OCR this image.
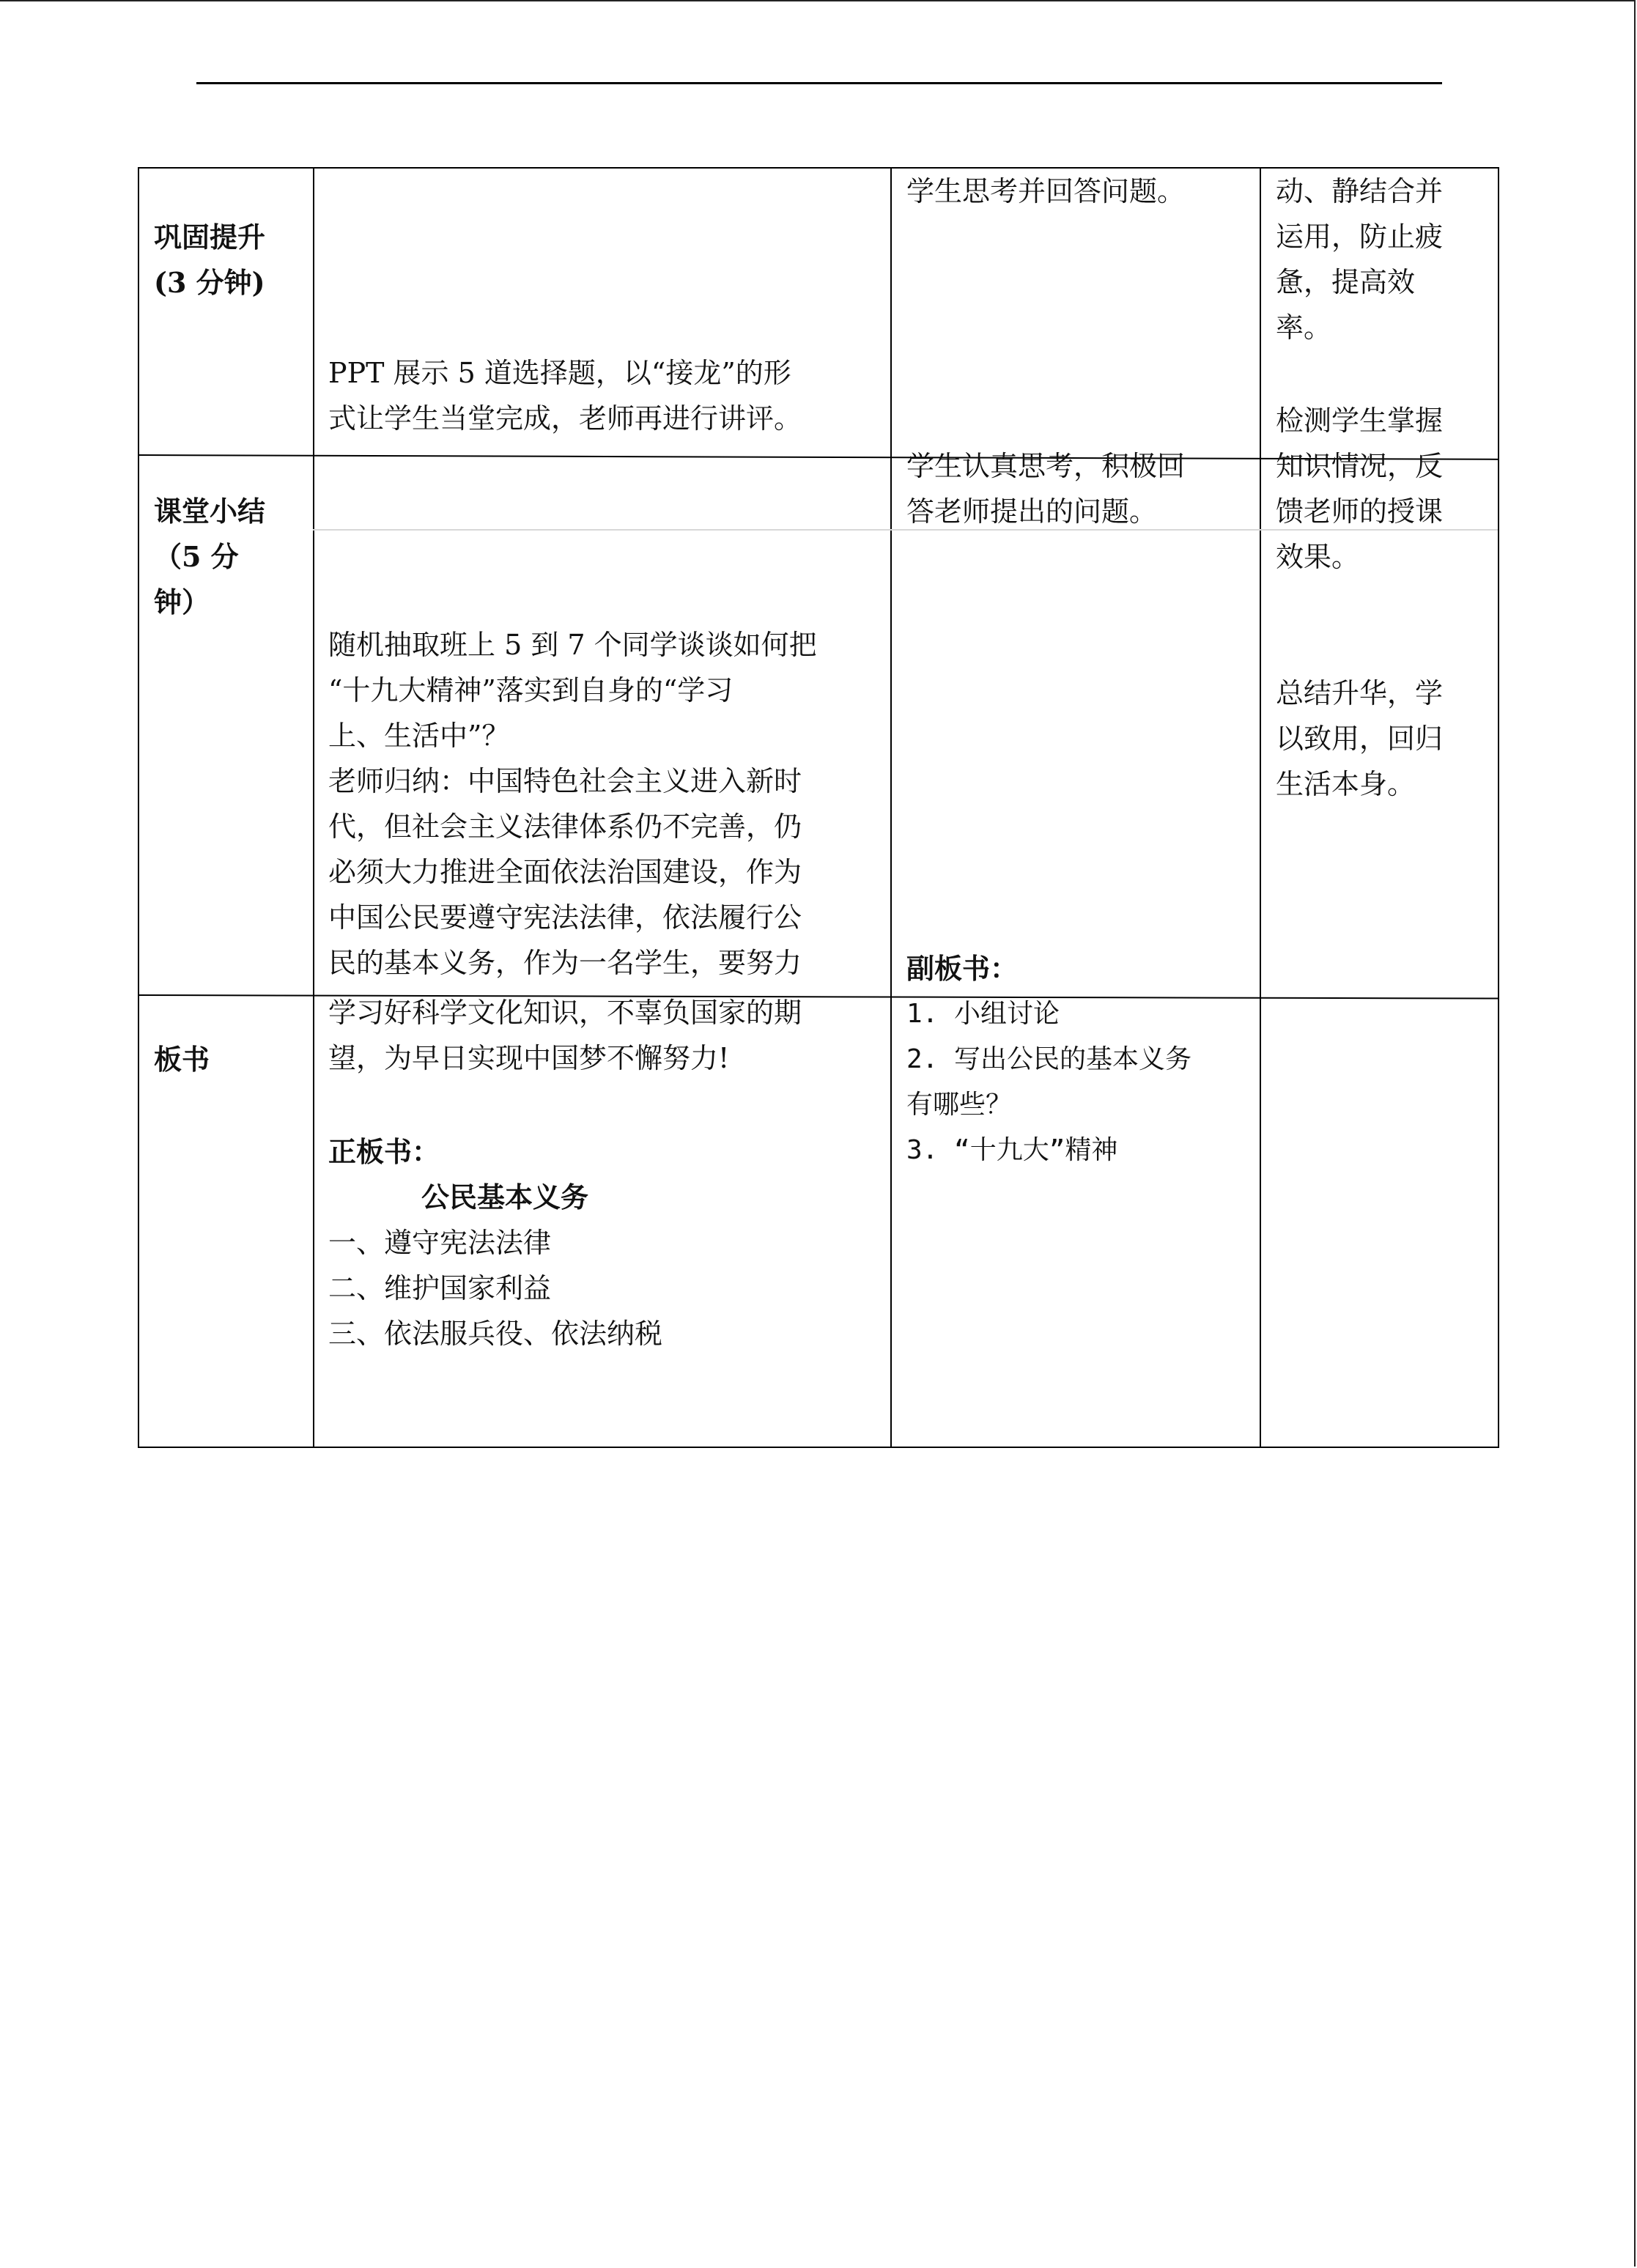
巩固提升

(3 分钟)

PPT 展示 5 道选择题，以“接龙”的形

式让学生当堂完成，老师再进行讲评。

学生思考并回答问题。	动、静结合并

运用，防止疲

惫，提高效

率。

课堂小结

（5 分

钟）

随机抽取班上 5 到 7 个同学谈谈如何把

“十九大精神”落实到自身的“学习

上、生活中”？

老师归纳：中国特色社会主义进入新时

代，但社会主义法律体系仍不完善，仍

必须大力推进全面依法治国建设，作为

中国公民要遵守宪法法律，依法履行公

民的基本义务，作为一名学生，要努力

学习好科学文化知识，不辜负国家的期

望，为早日实现中国梦不懈努力!

学生认真思考，积极回

答老师提出的问题。

检测学生掌握

知识情况，反

馈老师的授课

效果。

总结升华，学

以致用，回归

生活本身。

板书

正板书：

公民基本义务

一、遵守宪法法律

二、维护国家利益

三、依法服兵役、依法纳税

副板书：

1. 小组讨论

2. 写出公民的基本义务

有哪些？

3. “十九大”精神
